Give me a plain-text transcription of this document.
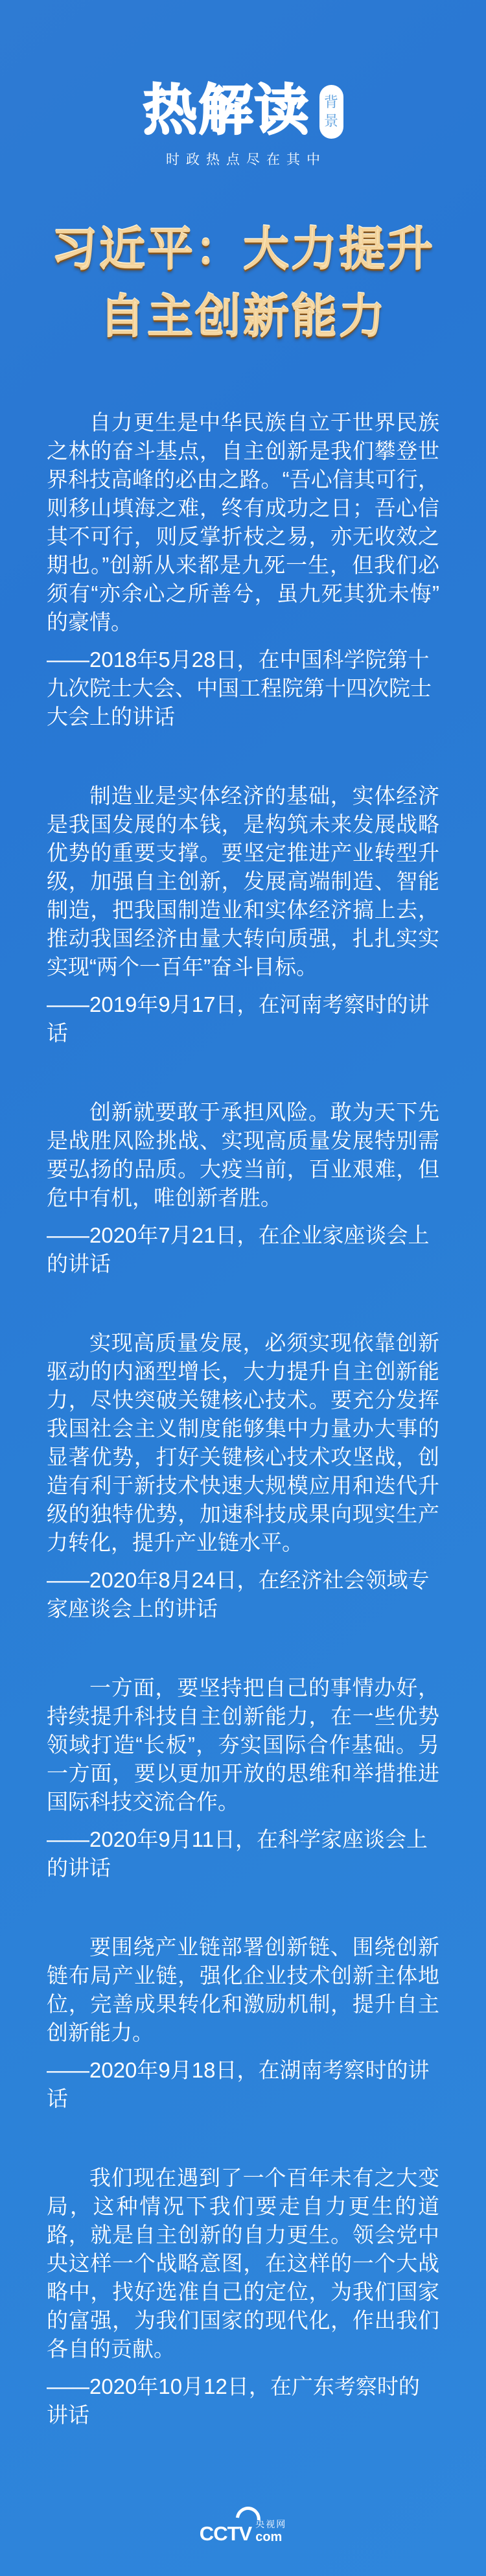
热解读 背
景
时政热点尽在其中
习近平：大力提升
自主创新能力

自力更生是中华民族自立于世界民族之林的奋斗基点，自主创新是我们攀登世界科技高峰的必由之路。“吾心信其可行，则移山填海之难，终有成功之日；吾心信其不可行，则反掌折枝之易，亦无收效之期也。”创新从来都是九死一生，但我们必须有“亦余心之所善兮，虽九死其犹未悔”的豪情。

——2018年5月28日，在中国科学院第十九次院士大会、中国工程院第十四次院士大会上的讲话

制造业是实体经济的基础，实体经济是我国发展的本钱，是构筑未来发展战略优势的重要支撑。要坚定推进产业转型升级，加强自主创新，发展高端制造、智能制造，把我国制造业和实体经济搞上去，推动我国经济由量大转向质强，扎扎实实实现“两个一百年”奋斗目标。

——2019年9月17日，在河南考察时的讲话

创新就要敢于承担风险。敢为天下先是战胜风险挑战、实现高质量发展特别需要弘扬的品质。大疫当前，百业艰难，但危中有机，唯创新者胜。

——2020年7月21日，在企业家座谈会上的讲话

实现高质量发展，必须实现依靠创新驱动的内涵型增长，大力提升自主创新能力，尽快突破关键核心技术。要充分发挥我国社会主义制度能够集中力量办大事的显著优势，打好关键核心技术攻坚战，创造有利于新技术快速大规模应用和迭代升级的独特优势，加速科技成果向现实生产力转化，提升产业链水平。

——2020年8月24日，在经济社会领域专家座谈会上的讲话

一方面，要坚持把自己的事情办好，持续提升科技自主创新能力，在一些优势领域打造“长板”，夯实国际合作基础。另一方面，要以更加开放的思维和举措推进国际科技交流合作。

——2020年9月11日，在科学家座谈会上的讲话

要围绕产业链部署创新链、围绕创新链布局产业链，强化企业技术创新主体地位，完善成果转化和激励机制，提升自主创新能力。

——2020年9月18日，在湖南考察时的讲话

我们现在遇到了一个百年未有之大变局，这种情况下我们要走自力更生的道路，就是自主创新的自力更生。领会党中央这样一个战略意图，在这样的一个大战略中，找好选准自己的定位，为我们国家的富强，为我们国家的现代化，作出我们各自的贡献。

——2020年10月12日，在广东考察时的讲话
CCTV 央视网
com
